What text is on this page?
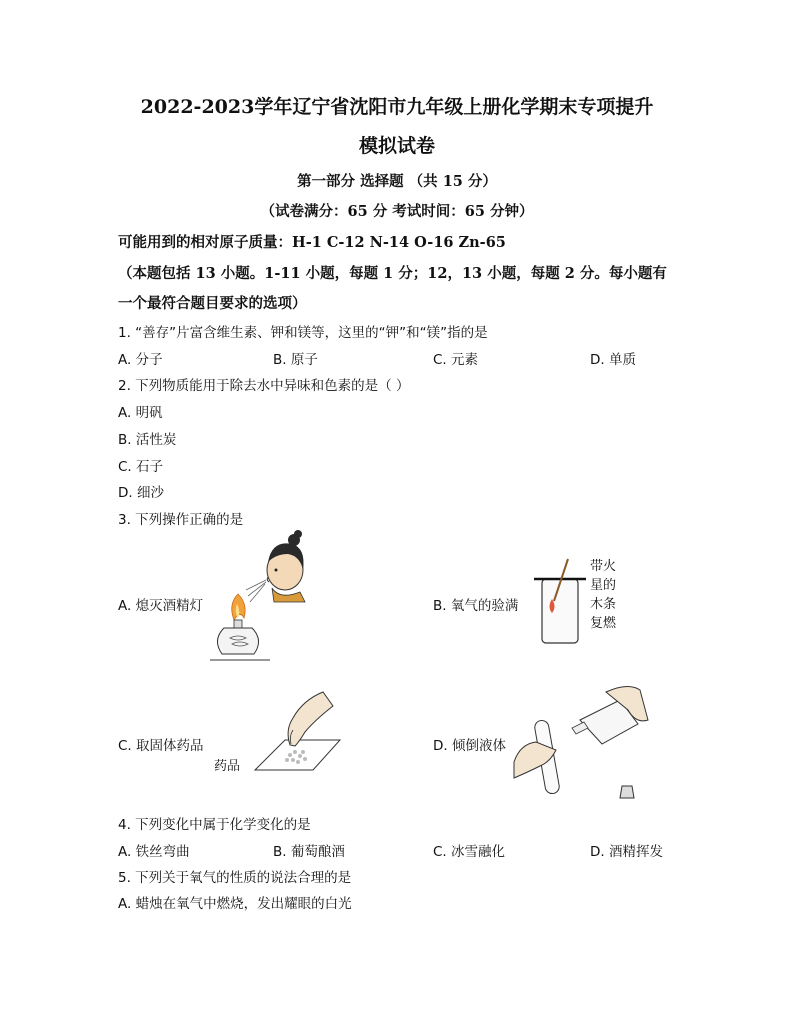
2022-2023学年辽宁省沈阳市九年级上册化学期末专项提升
模拟试卷
第一部分 选择题 （共 15 分）
（试卷满分：65 分 考试时间：65 分钟）
可能用到的相对原子质量：H-1 C-12 N-14 O-16 Zn-65
（本题包括 13 小题。1-11 小题，每题 1 分；12，13 小题，每题 2 分。每小题有
一个最符合题目要求的选项）
1. “善存”片富含维生素、钾和镁等，这里的“钾”和“镁”指的是
A. 分子	B. 原子	C. 元素	D. 单质
2. 下列物质能用于除去水中异味和色素的是（ ）
A. 明矾
B. 活性炭
C. 石子
D. 细沙
3. 下列操作正确的是
A. 熄灭酒精灯	B. 氧气的验满
C. 取固体药品	D. 倾倒液体
带火
星的
木条
复燃
药品
4. 下列变化中属于化学变化的是
A. 铁丝弯曲	B. 葡萄酿酒	C. 冰雪融化	D. 酒精挥发
5. 下列关于氧气的性质的说法合理的是
A. 蜡烛在氧气中燃烧，发出耀眼的白光
